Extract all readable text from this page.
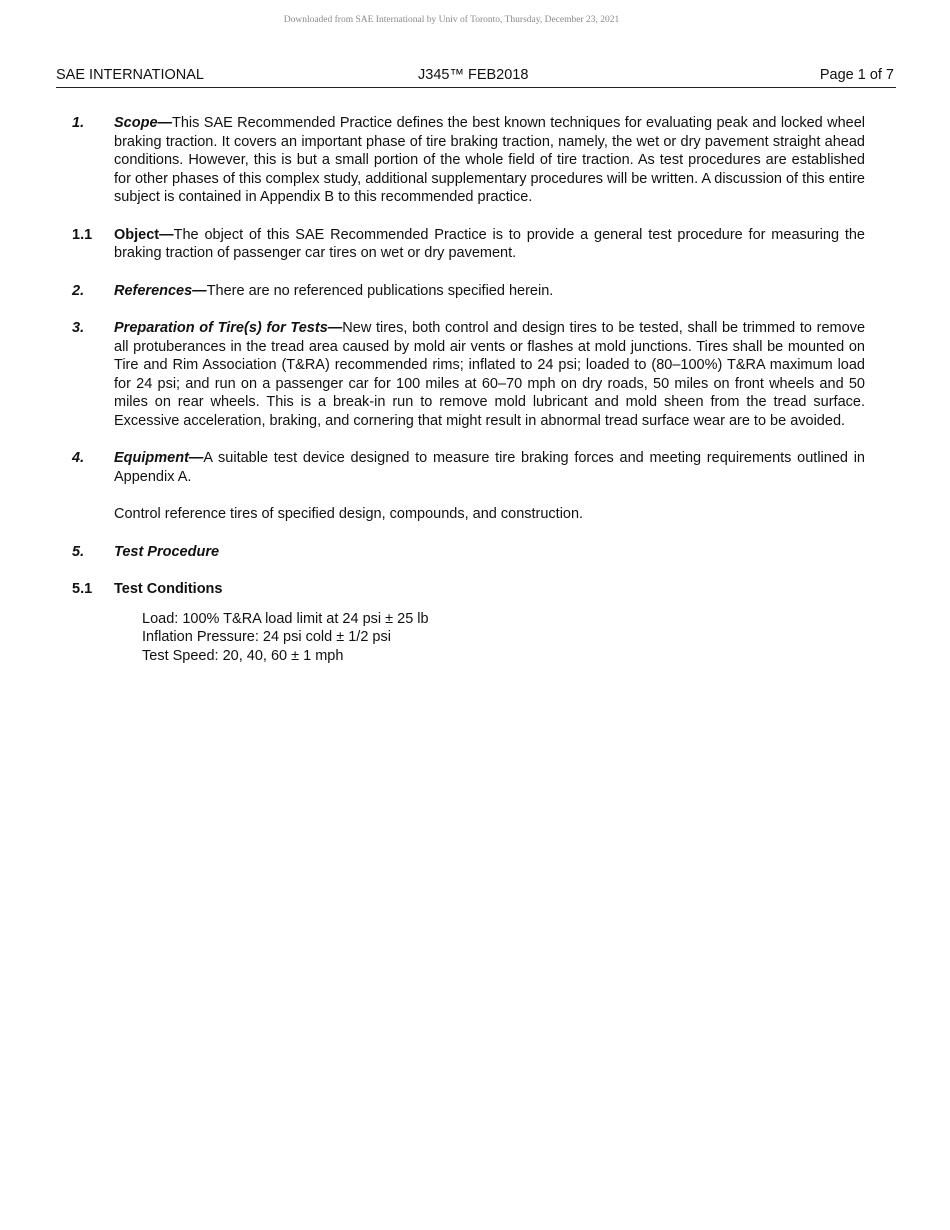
Downloaded from SAE International by Univ of Toronto, Thursday, December 23, 2021
SAE INTERNATIONAL	J345™ FEB2018	Page 1 of 7
1. Scope—This SAE Recommended Practice defines the best known techniques for evaluating peak and locked wheel braking traction. It covers an important phase of tire braking traction, namely, the wet or dry pavement straight ahead conditions. However, this is but a small portion of the whole field of tire traction. As test procedures are established for other phases of this complex study, additional supplementary procedures will be written. A discussion of this entire subject is contained in Appendix B to this recommended practice.
1.1 Object—The object of this SAE Recommended Practice is to provide a general test procedure for measuring the braking traction of passenger car tires on wet or dry pavement.
2. References—There are no referenced publications specified herein.
3. Preparation of Tire(s) for Tests—New tires, both control and design tires to be tested, shall be trimmed to remove all protuberances in the tread area caused by mold air vents or flashes at mold junctions. Tires shall be mounted on Tire and Rim Association (T&RA) recommended rims; inflated to 24 psi; loaded to (80–100%) T&RA maximum load for 24 psi; and run on a passenger car for 100 miles at 60–70 mph on dry roads, 50 miles on front wheels and 50 miles on rear wheels. This is a break-in run to remove mold lubricant and mold sheen from the tread surface. Excessive acceleration, braking, and cornering that might result in abnormal tread surface wear are to be avoided.
4. Equipment—A suitable test device designed to measure tire braking forces and meeting requirements outlined in Appendix A.
Control reference tires of specified design, compounds, and construction.
5. Test Procedure
5.1 Test Conditions
Load: 100% T&RA load limit at 24 psi ± 25 lb
Inflation Pressure: 24 psi cold ± 1/2 psi
Test Speed: 20, 40, 60 ± 1 mph
